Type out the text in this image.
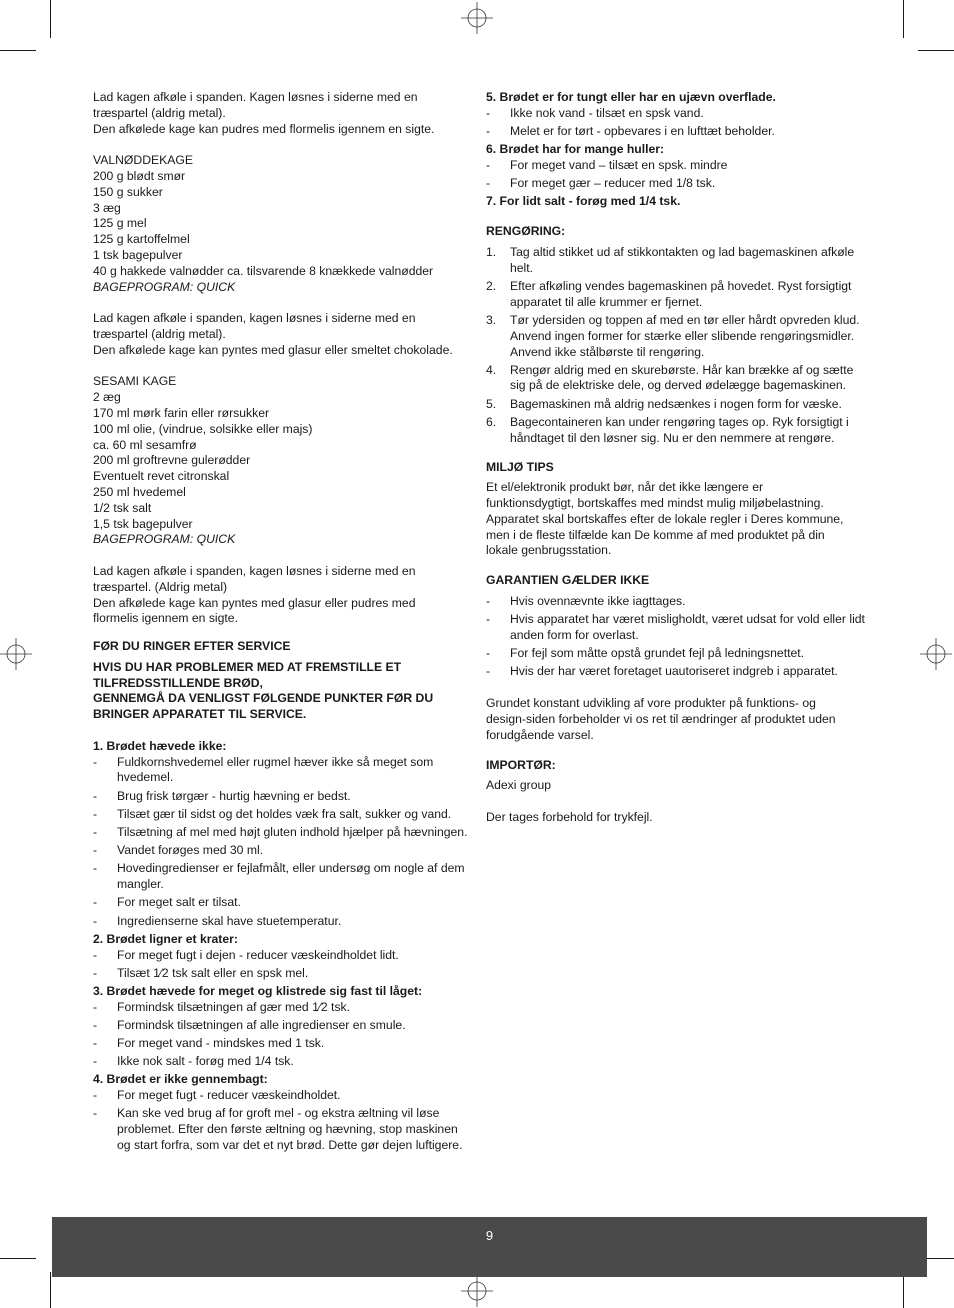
Lad kagen afkøle i spanden. Kagen løsnes i siderne med en

træspartel (aldrig metal).

Den afkølede kage kan pudres med flormelis igennem en sigte.

VALNØDDEKAGE

200 g blødt smør

150 g sukker

3 æg

125 g mel

125 g kartoffelmel

1 tsk bagepulver

40 g hakkede valnødder ca. tilsvarende 8 knækkede valnødder

BAGEPROGRAM: QUICK

Lad kagen afkøle i spanden, kagen løsnes i siderne med en

træspartel (aldrig metal).

Den afkølede kage kan pyntes med glasur eller smeltet chokolade.

SESAMI KAGE

2 æg

170 ml mørk farin eller rørsukker

100 ml olie, (vindrue, solsikke eller majs)

ca. 60 ml sesamfrø

200 ml groftrevne gulerødder

Eventuelt revet citronskal

250 ml hvedemel

1/2 tsk salt

1,5 tsk bagepulver

BAGEPROGRAM: QUICK

Lad kagen afkøle i spanden, kagen løsnes i siderne med en

træspartel. (Aldrig metal)

Den afkølede kage kan pyntes med glasur eller pudres med

flormelis igennem en sigte.

FØR DU RINGER EFTER SERVICE

HVIS DU HAR PROBLEMER MED AT FREMSTILLE ET

TILFREDSSTILLENDE BRØD,

GENNEMGÅ DA VENLIGST FØLGENDE PUNKTER FØR DU

BRINGER APPARATET TIL SERVICE.

1. Brødet hævede ikke:

- Fuldkornshvedemel eller rugmel hæver ikke så meget som hvedemel.
- Brug frisk tørgær - hurtig hævning er bedst.
- Tilsæt gær til sidst og det holdes væk fra salt, sukker og vand.
- Tilsætning af mel med højt gluten indhold hjælper på hævningen.
- Vandet forøges med 30 ml.
- Hovedingredienser er fejlafmålt, eller undersøg om nogle af dem mangler.
- For meget salt er tilsat.
- Ingredienserne skal have stuetemperatur.

2. Brødet ligner et krater:

- For meget fugt i dejen - reducer væskeindholdet lidt.
- Tilsæt 1⁄2 tsk salt eller en spsk mel.

3. Brødet hævede for meget og klistrede sig fast til låget:

- Formindsk tilsætningen af gær med 1⁄2 tsk.
- Formindsk tilsætningen af alle ingredienser en smule.
- For meget vand - mindskes med 1 tsk.
- Ikke nok salt - forøg med 1/4 tsk.

4. Brødet er ikke gennembagt:

- For meget fugt - reducer væskeindholdet.
- Kan ske ved brug af for groft mel - og ekstra æltning vil løse problemet. Efter den første æltning og hævning, stop maskinen og start forfra, som var det et nyt brød. Dette gør dejen luftigere.

5. Brødet er for tungt eller har en ujævn overflade.

- Ikke nok vand - tilsæt en spsk vand.
- Melet er for tørt - opbevares i en lufttæt beholder.

6. Brødet har for mange huller:

- For meget vand – tilsæt en spsk. mindre
- For meget gær – reducer med 1/8 tsk.

7. For lidt salt - forøg med 1/4 tsk.

RENGØRING:

1. Tag altid stikket ud af stikkontakten og lad bagemaskinen afkøle helt.
2. Efter afkøling vendes bagemaskinen på hovedet. Ryst forsigtigt apparatet til alle krummer er fjernet.
3. Tør ydersiden og toppen af med en tør eller hårdt opvreden klud. Anvend ingen former for stærke eller slibende rengøringsmidler. Anvend ikke stålbørste til rengøring.
4. Rengør aldrig med en skurebørste. Hår kan brække af og sætte sig på de elektriske dele, og derved ødelægge bagemaskinen.
5. Bagemaskinen må aldrig nedsænkes i nogen form for væske.
6. Bagecontaineren kan under rengøring tages op. Ryk forsigtigt i håndtaget til den løsner sig. Nu er den nemmere at rengøre.

MILJØ TIPS

Et el/elektronik produkt bør, når det ikke længere er

funktionsdygtigt, bortskaffes med mindst mulig miljøbelastning.

Apparatet skal bortskaffes efter de lokale regler i Deres kommune,

men i de fleste tilfælde kan De komme af med produktet på din

lokale genbrugsstation.

GARANTIEN GÆLDER IKKE

- Hvis ovennævnte ikke iagttages.
- Hvis apparatet har været misligholdt, været udsat for vold eller lidt anden form for overlast.
- For fejl som måtte opstå grundet fejl på ledningsnettet.
- Hvis der har været foretaget uautoriseret indgreb i apparatet.

Grundet konstant udvikling af vore produkter på funktions- og

design-siden forbeholder vi os ret til ændringer af produktet uden

forudgående varsel.

IMPORTØR:

Adexi group

Der tages forbehold for trykfejl.

9
